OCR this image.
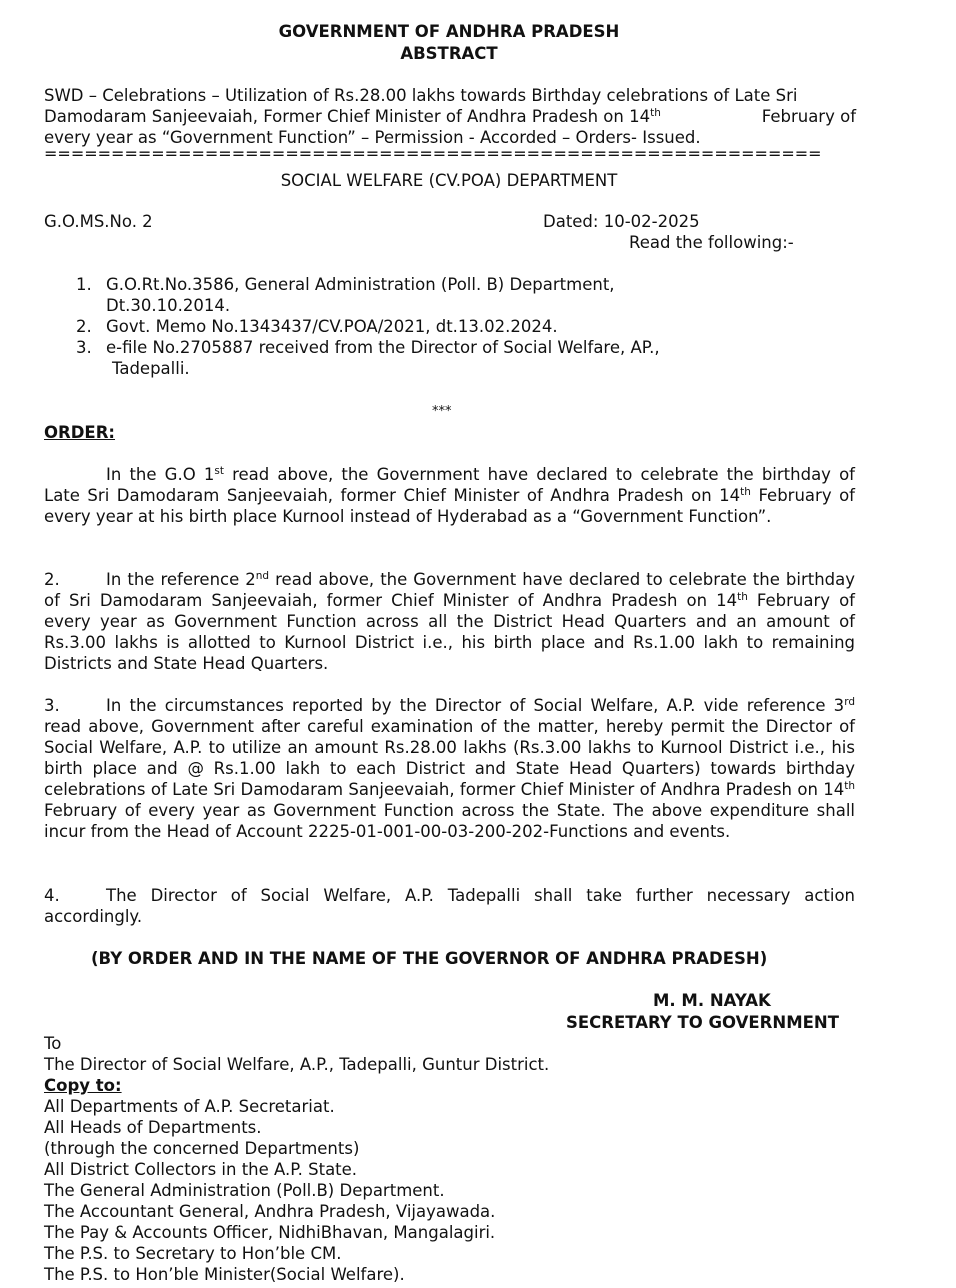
GOVERNMENT OF ANDHRA PRADESH
ABSTRACT
SWD – Celebrations – Utilization of Rs.28.00 lakhs towards Birthday celebrations of Late Sri
Damodaram Sanjeevaiah, Former Chief Minister of Andhra Pradesh on 14th	February of
every year as “Government Function” – Permission - Accorded – Orders- Issued.
==========================================================
SOCIAL WELFARE (CV.POA) DEPARTMENT
G.O.MS.No. 2	Dated: 10-02-2025
Read the following:-
1. G.O.Rt.No.3586, General Administration (Poll. B) Department,
Dt.30.10.2014.
2. Govt. Memo No.1343437/CV.POA/2021, dt.13.02.2024.
3. e-file No.2705887 received from the Director of Social Welfare, AP.,
Tadepalli.
***
ORDER:
In the G.O 1st read above, the Government have declared to celebrate the birthday of Late Sri Damodaram Sanjeevaiah, former Chief Minister of Andhra Pradesh on 14th February of every year at his birth place Kurnool instead of Hyderabad as a “Government Function”.
2.	In the reference 2nd read above, the Government have declared to celebrate the birthday of Sri Damodaram Sanjeevaiah, former Chief Minister of Andhra Pradesh on 14th February of every year as Government Function across all the District Head Quarters and an amount of Rs.3.00 lakhs is allotted to Kurnool District i.e., his birth place and Rs.1.00 lakh to remaining Districts and State Head Quarters.
3.	In the circumstances reported by the Director of Social Welfare, A.P. vide reference 3rd read above, Government after careful examination of the matter, hereby permit the Director of Social Welfare, A.P. to utilize an amount Rs.28.00 lakhs (Rs.3.00 lakhs to Kurnool District i.e., his birth place and @ Rs.1.00 lakh to each District and State Head Quarters) towards birthday celebrations of Late Sri Damodaram Sanjeevaiah, former Chief Minister of Andhra Pradesh on 14th February of every year as Government Function across the State. The above expenditure shall incur from the Head of Account 2225-01-001-00-03-200-202-Functions and events.
4.	The Director of Social Welfare, A.P. Tadepalli shall take further necessary action accordingly.
(BY ORDER AND IN THE NAME OF THE GOVERNOR OF ANDHRA PRADESH)
M. M. NAYAK
SECRETARY TO GOVERNMENT
To
The Director of Social Welfare, A.P., Tadepalli, Guntur District.
Copy to:
All Departments of A.P. Secretariat.
All Heads of Departments.
(through the concerned Departments)
All District Collectors in the A.P. State.
The General Administration (Poll.B) Department.
The Accountant General, Andhra Pradesh, Vijayawada.
The Pay & Accounts Officer, NidhiBhavan, Mangalagiri.
The P.S. to Secretary to Hon’ble CM.
The P.S. to Hon’ble Minister(Social Welfare).
